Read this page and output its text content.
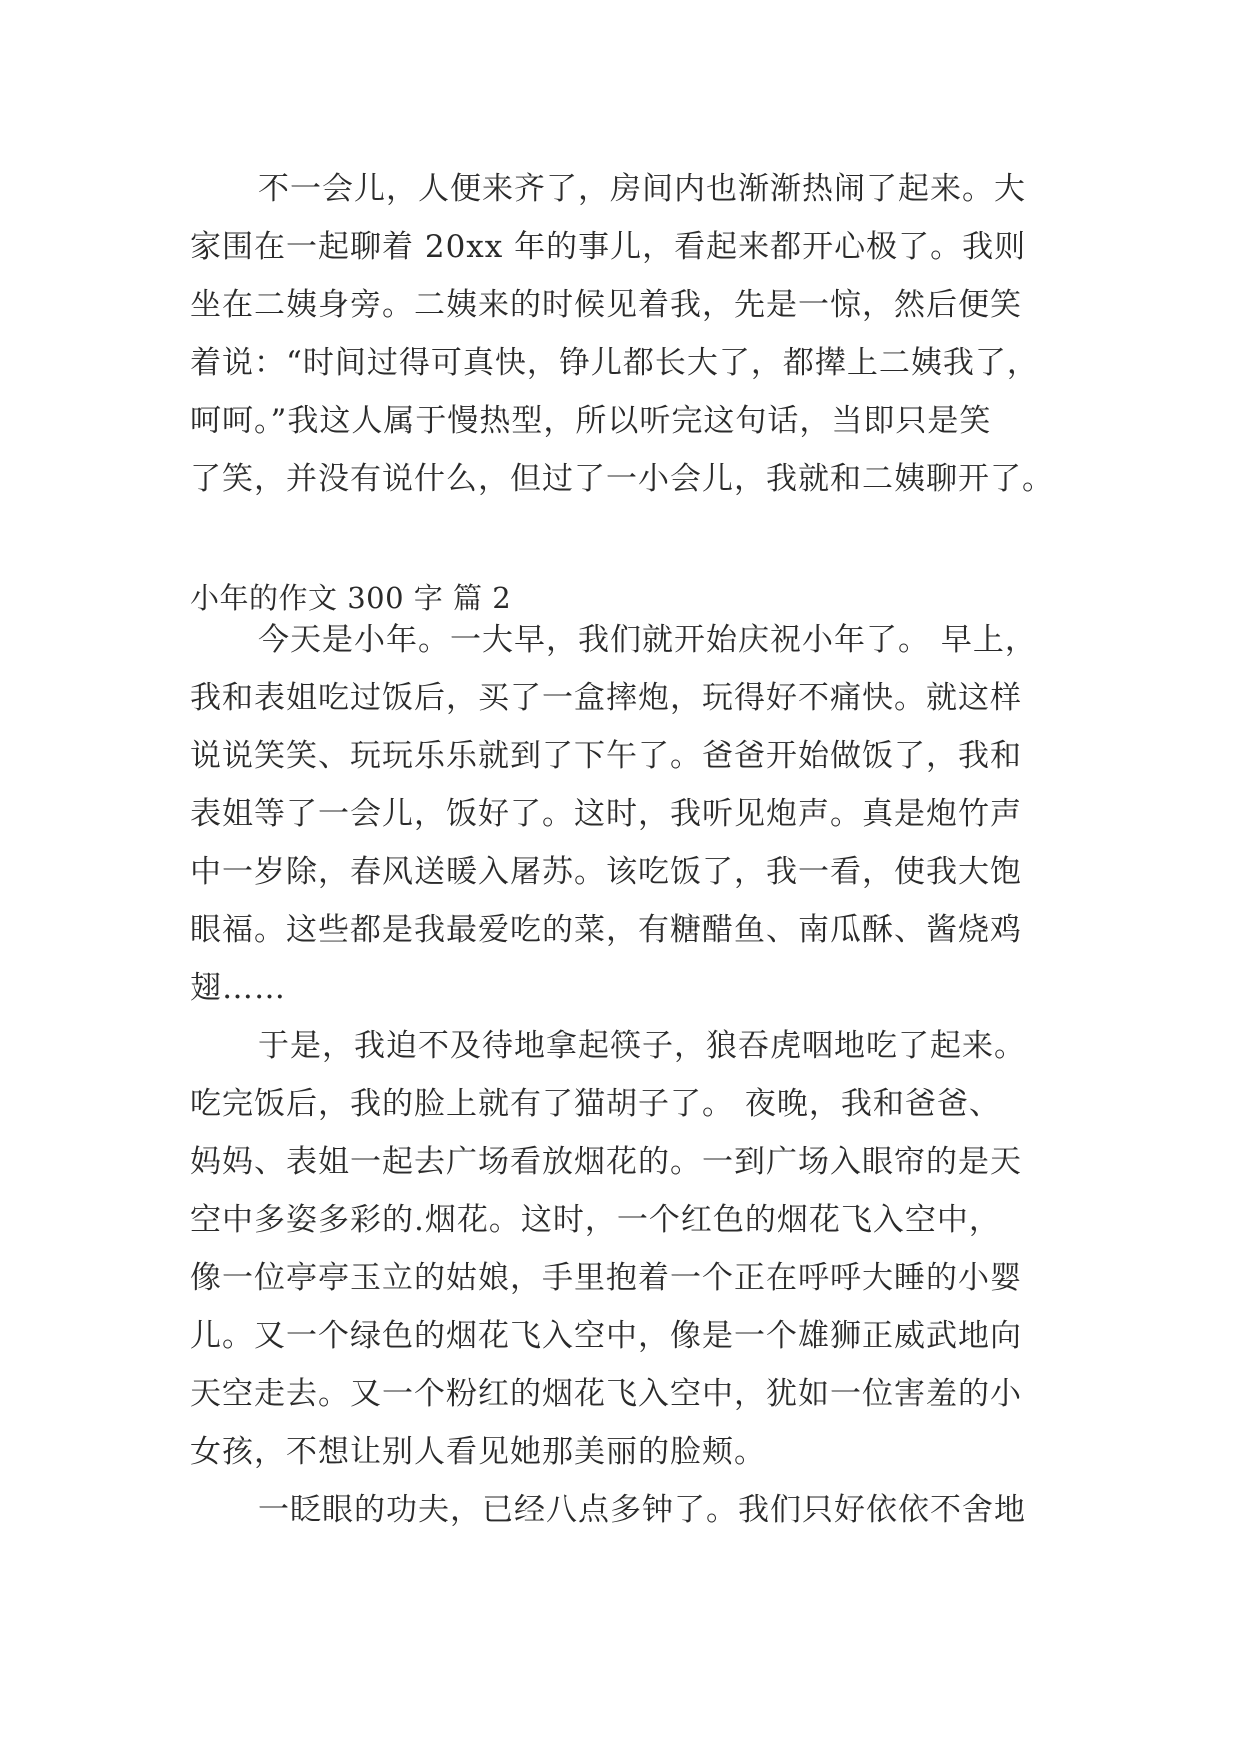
不一会儿，人便来齐了，房间内也渐渐热闹了起来。大
家围在一起聊着 20xx 年的事儿，看起来都开心极了。我则
坐在二姨身旁。二姨来的时候见着我，先是一惊，然后便笑
着说：“时间过得可真快，铮儿都长大了，都撵上二姨我了，
呵呵。”我这人属于慢热型，所以听完这句话，当即只是笑
了笑，并没有说什么，但过了一小会儿，我就和二姨聊开了。
小年的作文 300 字 篇 2
今天是小年。一大早，我们就开始庆祝小年了。 早上，
我和表姐吃过饭后，买了一盒摔炮，玩得好不痛快。就这样
说说笑笑、玩玩乐乐就到了下午了。爸爸开始做饭了，我和
表姐等了一会儿，饭好了。这时，我听见炮声。真是炮竹声
中一岁除，春风送暖入屠苏。该吃饭了，我一看，使我大饱
眼福。这些都是我最爱吃的菜，有糖醋鱼、南瓜酥、酱烧鸡
翅……
于是，我迫不及待地拿起筷子，狼吞虎咽地吃了起来。
吃完饭后，我的脸上就有了猫胡子了。 夜晚，我和爸爸、
妈妈、表姐一起去广场看放烟花的。一到广场入眼帘的是天
空中多姿多彩的.烟花。这时，一个红色的烟花飞入空中，
像一位亭亭玉立的姑娘，手里抱着一个正在呼呼大睡的小婴
儿。又一个绿色的烟花飞入空中，像是一个雄狮正威武地向
天空走去。又一个粉红的烟花飞入空中，犹如一位害羞的小
女孩，不想让别人看见她那美丽的脸颊。
一眨眼的功夫，已经八点多钟了。我们只好依依不舍地
